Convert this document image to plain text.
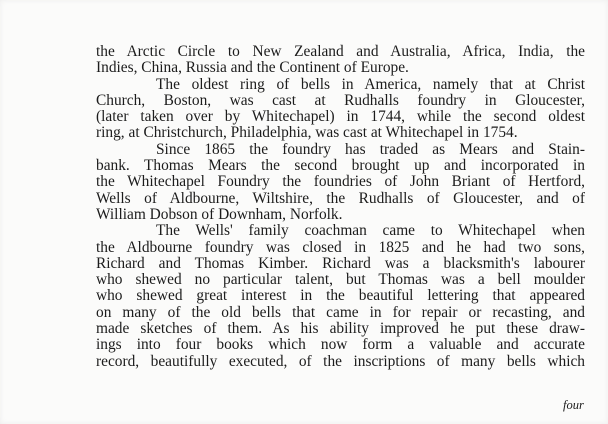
the Arctic Circle to New Zealand and Australia, Africa, India, the
Indies, China, Russia and the Continent of Europe.
The oldest ring of bells in America, namely that at Christ
Church, Boston, was cast at Rudhalls foundry in Gloucester,
(later taken over by Whitechapel) in 1744, while the second oldest
ring, at Christchurch, Philadelphia, was cast at Whitechapel in 1754.
Since 1865 the foundry has traded as Mears and Stain-
bank. Thomas Mears the second brought up and incorporated in
the Whitechapel Foundry the foundries of John Briant of Hertford,
Wells of Aldbourne, Wiltshire, the Rudhalls of Gloucester, and of
William Dobson of Downham, Norfolk.
The Wells' family coachman came to Whitechapel when
the Aldbourne foundry was closed in 1825 and he had two sons,
Richard and Thomas Kimber. Richard was a blacksmith's labourer
who shewed no particular talent, but Thomas was a bell moulder
who shewed great interest in the beautiful lettering that appeared
on many of the old bells that came in for repair or recasting, and
made sketches of them. As his ability improved he put these draw-
ings into four books which now form a valuable and accurate
record, beautifully executed, of the inscriptions of many bells which
four
